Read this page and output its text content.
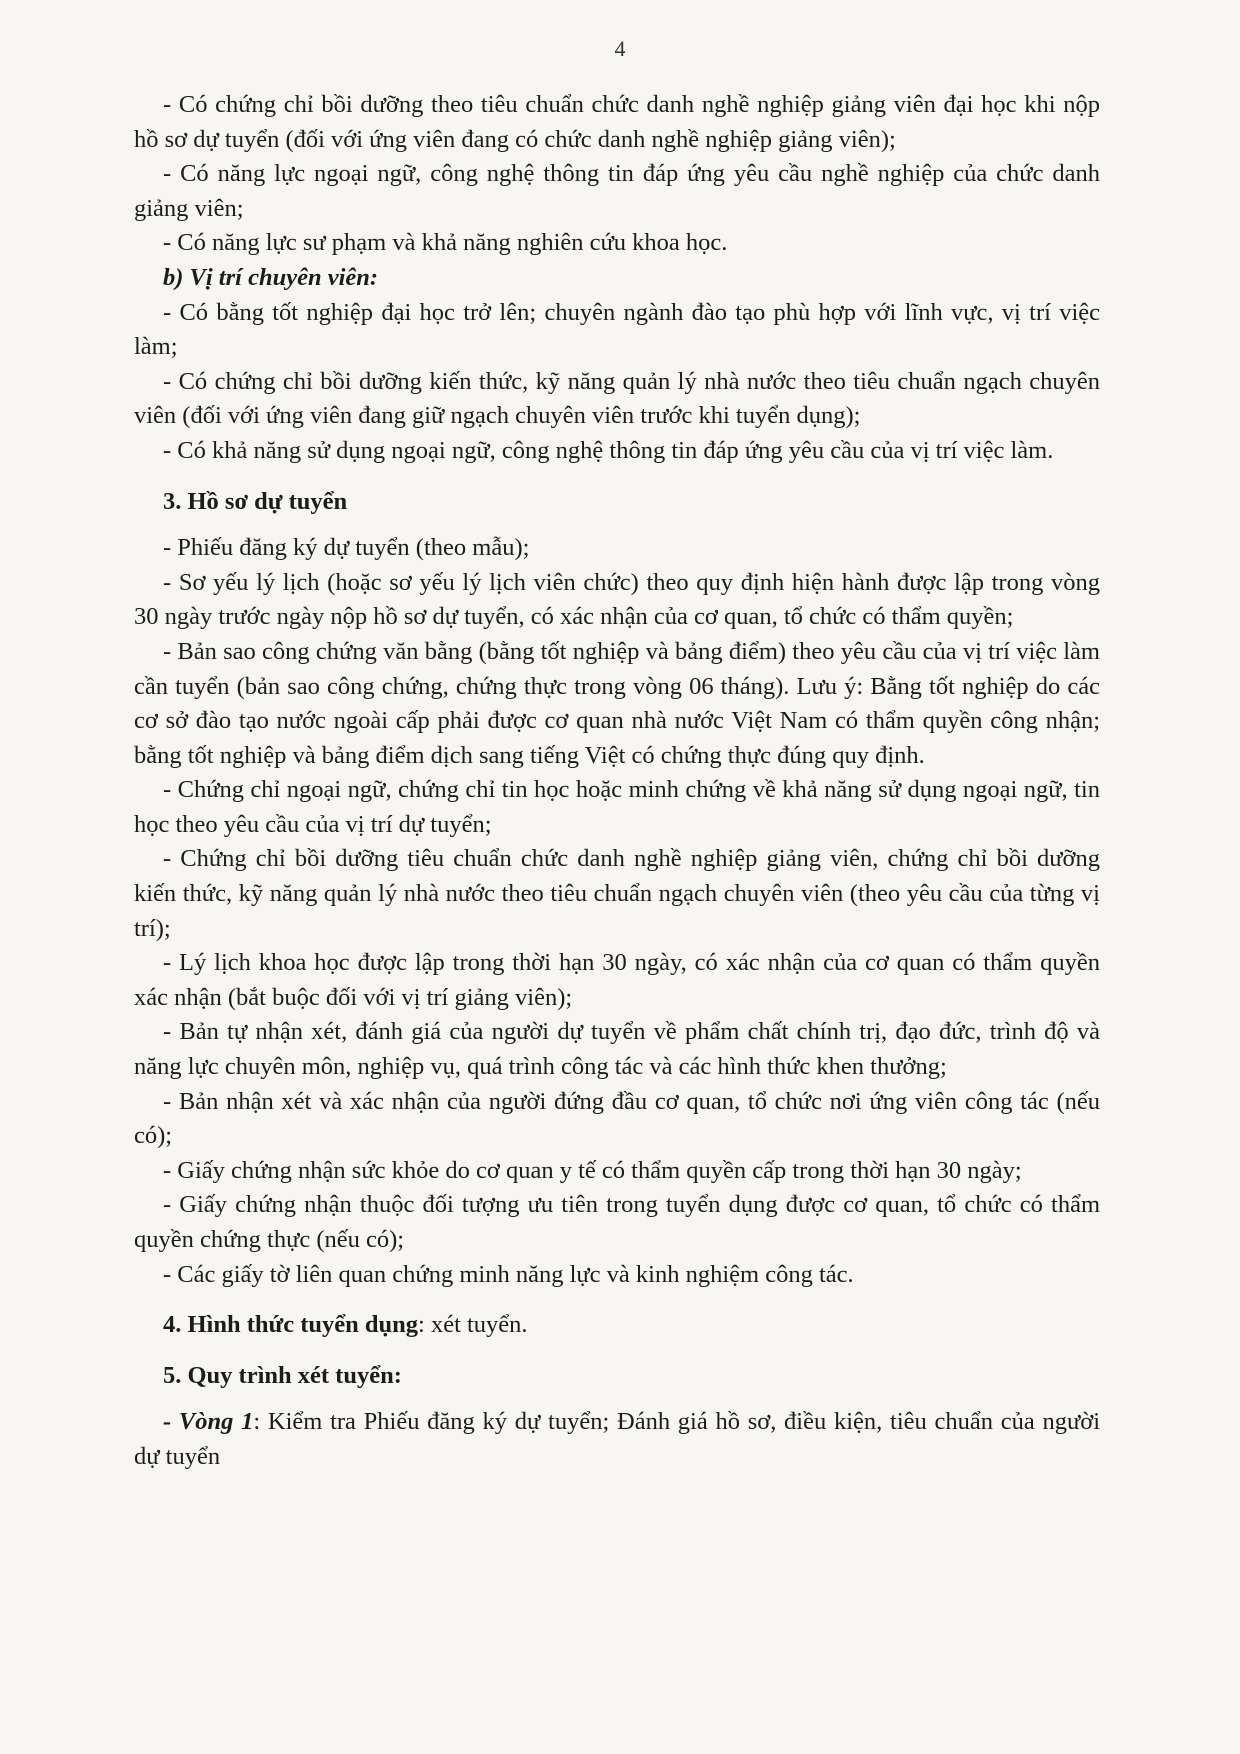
4

- Có chứng chỉ bồi dưỡng theo tiêu chuẩn chức danh nghề nghiệp giảng viên đại học khi nộp hồ sơ dự tuyển (đối với ứng viên đang có chức danh nghề nghiệp giảng viên);

- Có năng lực ngoại ngữ, công nghệ thông tin đáp ứng yêu cầu nghề nghiệp của chức danh giảng viên;

- Có năng lực sư phạm và khả năng nghiên cứu khoa học.

b) Vị trí chuyên viên:

- Có bằng tốt nghiệp đại học trở lên; chuyên ngành đào tạo phù hợp với lĩnh vực, vị trí việc làm;

- Có chứng chỉ bồi dưỡng kiến thức, kỹ năng quản lý nhà nước theo tiêu chuẩn ngạch chuyên viên (đối với ứng viên đang giữ ngạch chuyên viên trước khi tuyển dụng);

- Có khả năng sử dụng ngoại ngữ, công nghệ thông tin đáp ứng yêu cầu của vị trí việc làm.

3. Hồ sơ dự tuyển

- Phiếu đăng ký dự tuyển (theo mẫu);

- Sơ yếu lý lịch (hoặc sơ yếu lý lịch viên chức) theo quy định hiện hành được lập trong vòng 30 ngày trước ngày nộp hồ sơ dự tuyển, có xác nhận của cơ quan, tổ chức có thẩm quyền;

- Bản sao công chứng văn bằng (bằng tốt nghiệp và bảng điểm) theo yêu cầu của vị trí việc làm cần tuyển (bản sao công chứng, chứng thực trong vòng 06 tháng). Lưu ý: Bằng tốt nghiệp do các cơ sở đào tạo nước ngoài cấp phải được cơ quan nhà nước Việt Nam có thẩm quyền công nhận; bằng tốt nghiệp và bảng điểm dịch sang tiếng Việt có chứng thực đúng quy định.

- Chứng chỉ ngoại ngữ, chứng chỉ tin học hoặc minh chứng về khả năng sử dụng ngoại ngữ, tin học theo yêu cầu của vị trí dự tuyển;

- Chứng chỉ bồi dưỡng tiêu chuẩn chức danh nghề nghiệp giảng viên, chứng chỉ bồi dưỡng kiến thức, kỹ năng quản lý nhà nước theo tiêu chuẩn ngạch chuyên viên (theo yêu cầu của từng vị trí);

- Lý lịch khoa học được lập trong thời hạn 30 ngày, có xác nhận của cơ quan có thẩm quyền xác nhận (bắt buộc đối với vị trí giảng viên);

- Bản tự nhận xét, đánh giá của người dự tuyển về phẩm chất chính trị, đạo đức, trình độ và năng lực chuyên môn, nghiệp vụ, quá trình công tác và các hình thức khen thưởng;

- Bản nhận xét và xác nhận của người đứng đầu cơ quan, tổ chức nơi ứng viên công tác (nếu có);

- Giấy chứng nhận sức khỏe do cơ quan y tế có thẩm quyền cấp trong thời hạn 30 ngày;

- Giấy chứng nhận thuộc đối tượng ưu tiên trong tuyển dụng được cơ quan, tổ chức có thẩm quyền chứng thực (nếu có);

- Các giấy tờ liên quan chứng minh năng lực và kinh nghiệm công tác.

4. Hình thức tuyển dụng: xét tuyển.

5. Quy trình xét tuyển:

- Vòng 1: Kiểm tra Phiếu đăng ký dự tuyển; Đánh giá hồ sơ, điều kiện, tiêu chuẩn của người dự tuyển
